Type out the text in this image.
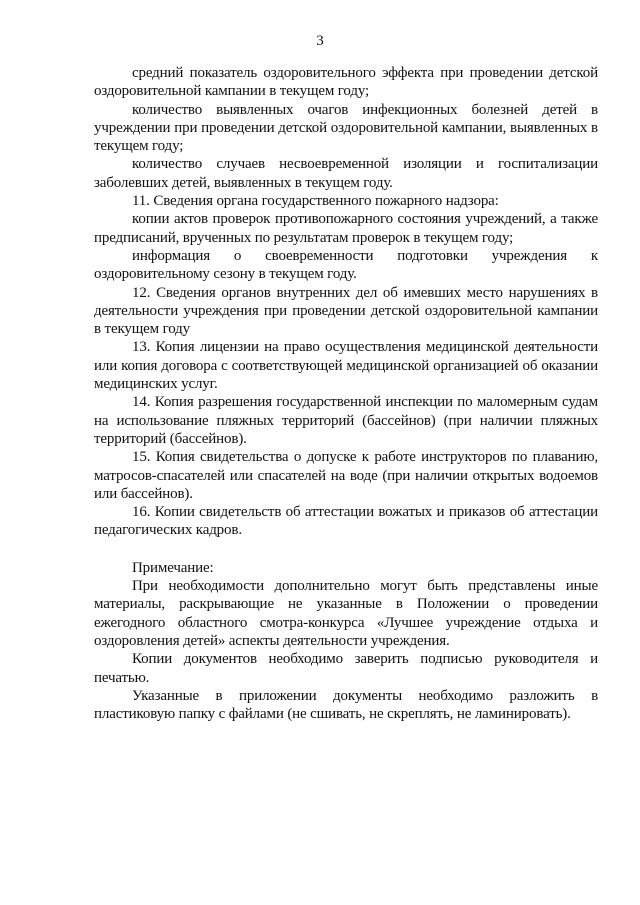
3

средний показатель оздоровительного эффекта при проведении детской оздоровительной кампании в текущем году;

количество выявленных очагов инфекционных болезней детей в учреждении при проведении детской оздоровительной кампании, выявленных в текущем году;

количество случаев несвоевременной изоляции и госпитализации заболевших детей, выявленных в текущем году.

11. Сведения органа государственного пожарного надзора:

копии актов проверок противопожарного состояния учреждений, а также предписаний, врученных по результатам проверок в текущем году;

информация о своевременности подготовки учреждения к оздоровительному сезону в текущем году.

12. Сведения органов внутренних дел об имевших место нарушениях в деятельности учреждения при проведении детской оздоровительной кампании в текущем году

13. Копия лицензии на право осуществления медицинской деятельности или копия договора с соответствующей медицинской организацией об оказании медицинских услуг.

14. Копия разрешения государственной инспекции по маломерным судам на использование пляжных территорий (бассейнов) (при наличии пляжных территорий (бассейнов).

15. Копия свидетельства о допуске к работе инструкторов по плаванию, матросов-спасателей или спасателей на воде (при наличии открытых водоемов или бассейнов).

16. Копии свидетельств об аттестации вожатых и приказов об аттестации педагогических кадров.

Примечание:

При необходимости дополнительно могут быть представлены иные материалы, раскрывающие не указанные в Положении о проведении ежегодного областного смотра-конкурса «Лучшее учреждение отдыха и оздоровления детей» аспекты деятельности учреждения.

Копии документов необходимо заверить подписью руководителя и печатью.

Указанные в приложении документы необходимо разложить в пластиковую папку с файлами (не сшивать, не скреплять, не ламинировать).
